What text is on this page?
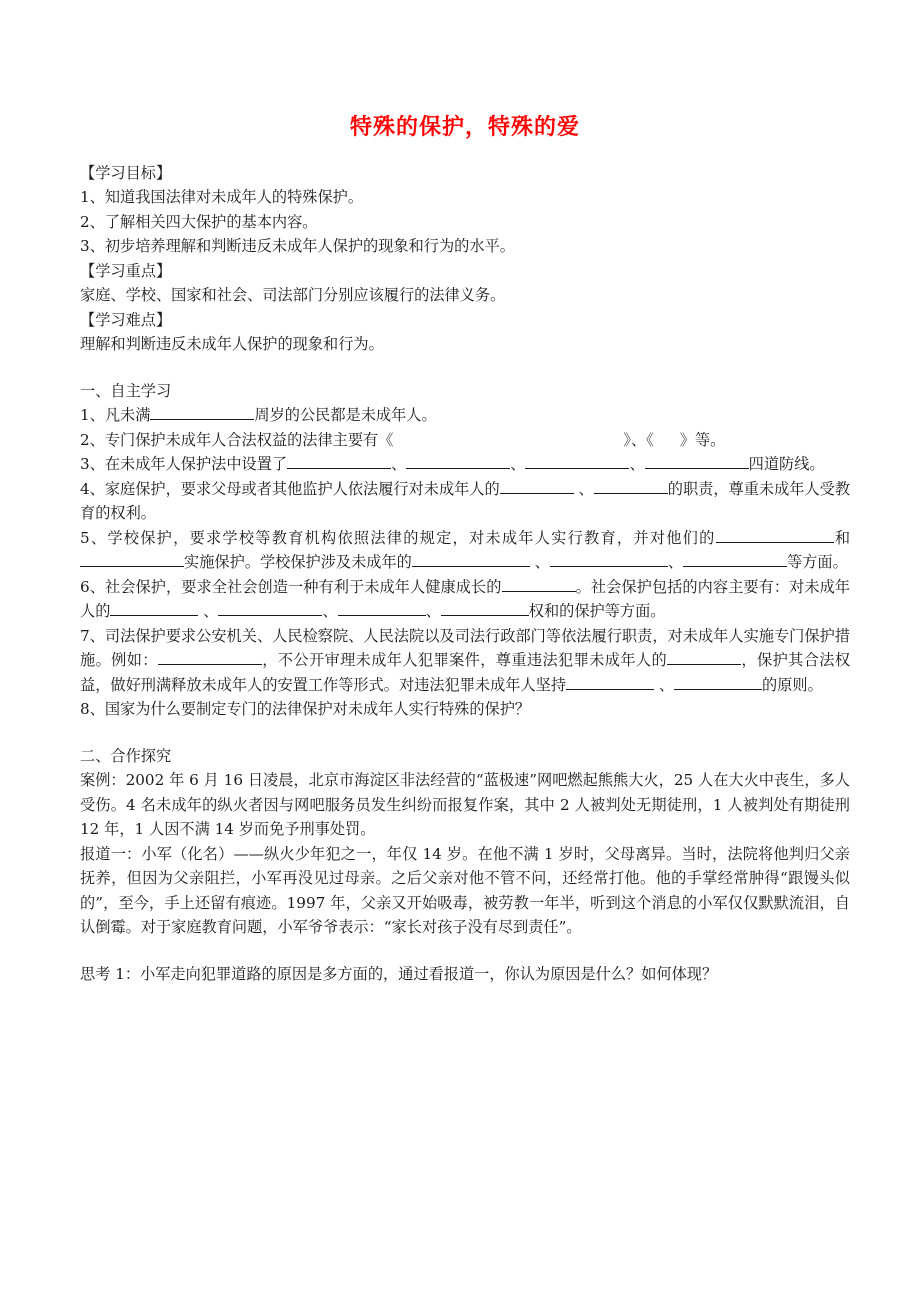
特殊的保护，特殊的爱

【学习目标】

1、知道我国法律对未成年人的特殊保护。

2、了解相关四大保护的基本内容。

3、初步培养理解和判断违反未成年人保护的现象和行为的水平。

【学习重点】

家庭、学校、国家和社会、司法部门分别应该履行的法律义务。

【学习难点】

理解和判断违反未成年人保护的现象和行为。

一、自主学习

1、凡未满	周岁的公民都是未成年人。

2、专门保护未成年人合法权益的法律主要有《	》、《 》等。

3、在未成年人保护法中设置了	、	、	、	四道防线。

4、家庭保护，要求父母或者其他监护人依法履行对未成年人的	、	的职责，尊重未成年人受教育的权利。

5、学校保护，要求学校等教育机构依照法律的规定，对未成年人实行教育，并对他们的	和实施保护。学校保护涉及未成年的	、	、	等方面。

6、社会保护，要求全社会创造一种有利于未成年人健康成长的	。社会保护包括的内容主要有：对未成年人的	、	、	、	权和的保护等方面。

7、司法保护要求公安机关、人民检察院、人民法院以及司法行政部门等依法履行职责，对未成年人实施专门保护措施。例如：	，不公开审理未成年人犯罪案件，尊重违法犯罪未成年人的	，保护其合法权益，做好刑满释放未成年人的安置工作等形式。对违法犯罪未成年人坚持	、	的原则。

8、国家为什么要制定专门的法律保护对未成年人实行特殊的保护？

二、合作探究

案例：2002 年 6 月 16 日凌晨，北京市海淀区非法经营的“蓝极速”网吧燃起熊熊大火，25 人在大火中丧生，多人受伤。4 名未成年的纵火者因与网吧服务员发生纠纷而报复作案，其中 2 人被判处无期徒刑，1 人被判处有期徒刑 12 年，1 人因不满 14 岁而免予刑事处罚。

报道一：小军（化名）——纵火少年犯之一，年仅 14 岁。在他不满 1 岁时，父母离异。当时，法院将他判归父亲抚养，但因为父亲阻拦，小军再没见过母亲。之后父亲对他不管不问，还经常打他。他的手掌经常肿得“跟馒头似的”，至今，手上还留有痕迹。1997 年，父亲又开始吸毒，被劳教一年半，听到这个消息的小军仅仅默默流泪，自认倒霉。对于家庭教育问题，小军爷爷表示：“家长对孩子没有尽到责任”。

思考 1：小军走向犯罪道路的原因是多方面的，通过看报道一，你认为原因是什么？如何体现？
